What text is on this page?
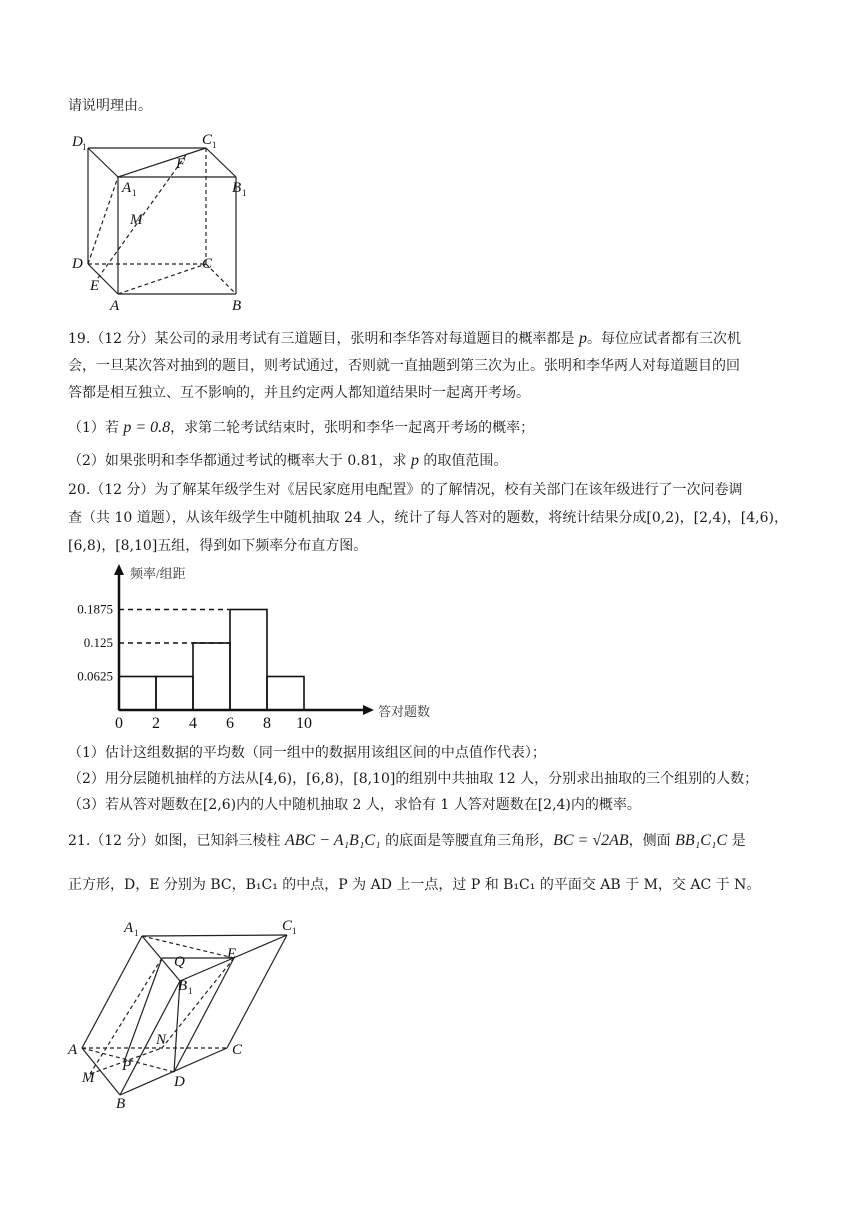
请说明理由。
D 1	C 1
F
A 1	B 1
M
D	C
E
A	B
19.（12 分）某公司的录用考试有三道题目，张明和李华答对每道题目的概率都是 p。每位应试者都有三次机
会，一旦某次答对抽到的题目，则考试通过，否则就一直抽题到第三次为止。张明和李华两人对每道题目的回
答都是相互独立、互不影响的，并且约定两人都知道结果时一起离开考场。
（1）若 p = 0.8，求第二轮考试结束时，张明和李华一起离开考场的概率；
（2）如果张明和李华都通过考试的概率大于 0.81，求 p 的取值范围。
20.（12 分）为了解某年级学生对《居民家庭用电配置》的了解情况，校有关部门在该年级进行了一次问卷调
查（共 10 道题），从该年级学生中随机抽取 24 人，统计了每人答对的题数，将统计结果分成[0,2)，[2,4)，[4,6)，
[6,8)，[8,10]五组，得到如下频率分布直方图。
频率/组距
答对题数
0.0625
0.125
0.1875
0 2 4 6 8 10
（1）估计这组数据的平均数（同一组中的数据用该组区间的中点值作代表）；
（2）用分层随机抽样的方法从[4,6)，[6,8)，[8,10]的组别中共抽取 12 人，分别求出抽取的三个组别的人数；
（3）若从答对题数在[2,6)内的人中随机抽取 2 人，求恰有 1 人答对题数在[2,4)内的概率。
21.（12 分）如图，已知斜三棱柱 ABC − A₁B₁C₁ 的底面是等腰直角三角形，BC = √2AB，侧面 BB₁C₁C 是
正方形，D，E 分别为 BC，B₁C₁ 的中点，P 为 AD 上一点，过 P 和 B₁C₁ 的平面交 AB 于 M，交 AC 于 N。
A 1	C 1
Q	E
B 1
N
A	C
P
M	D
B
